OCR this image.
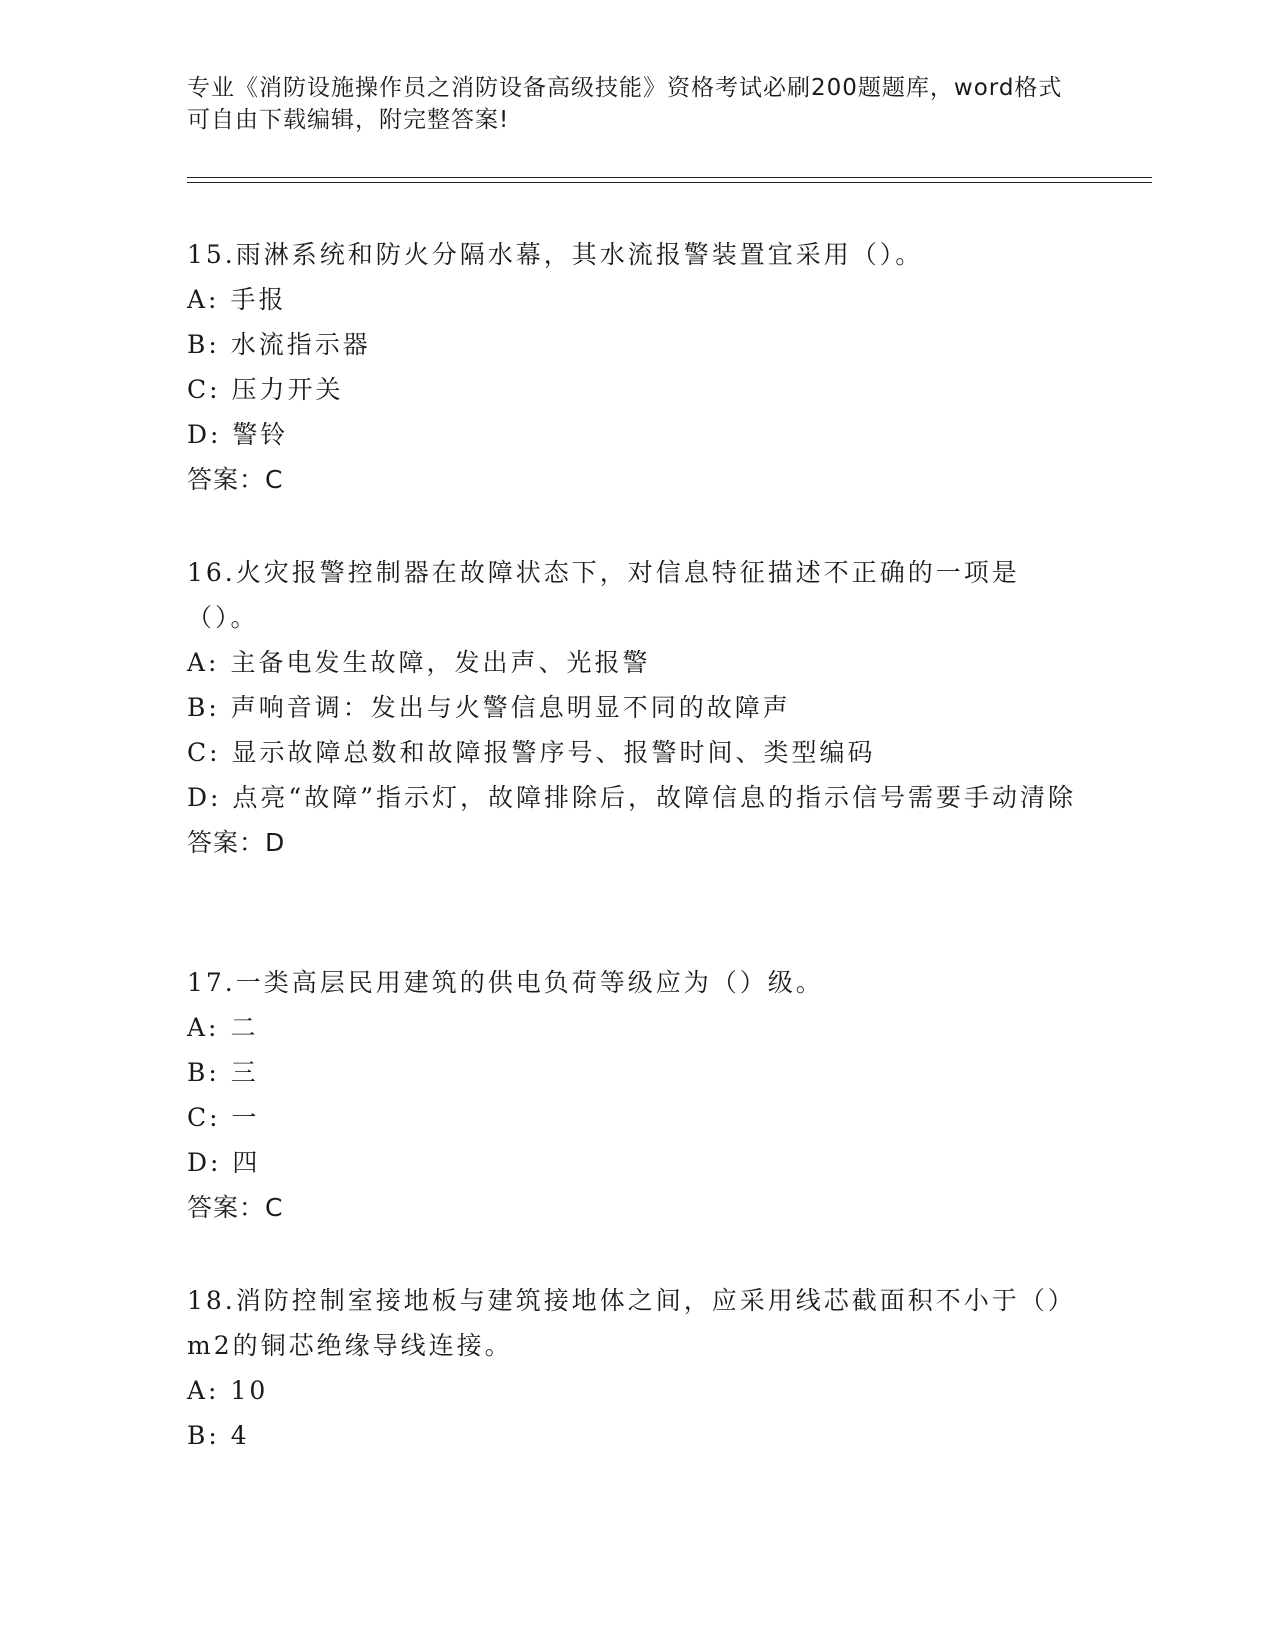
专业《消防设施操作员之消防设备高级技能》资格考试必刷200题题库，word格式可自由下载编辑，附完整答案!
15.雨淋系统和防火分隔水幕，其水流报警装置宜采用（）。
A: 手报
B: 水流指示器
C: 压力开关
D: 警铃
答案：C
16.火灾报警控制器在故障状态下，对信息特征描述不正确的一项是（）。
A: 主备电发生故障，发出声、光报警
B: 声响音调：发出与火警信息明显不同的故障声
C: 显示故障总数和故障报警序号、报警时间、类型编码
D: 点亮“故障”指示灯，故障排除后，故障信息的指示信号需要手动清除
答案：D
17.一类高层民用建筑的供电负荷等级应为（）级。
A: 二
B: 三
C: 一
D: 四
答案：C
18.消防控制室接地板与建筑接地体之间，应采用线芯截面积不小于（）m2的铜芯绝缘导线连接。
A: 10
B: 4
